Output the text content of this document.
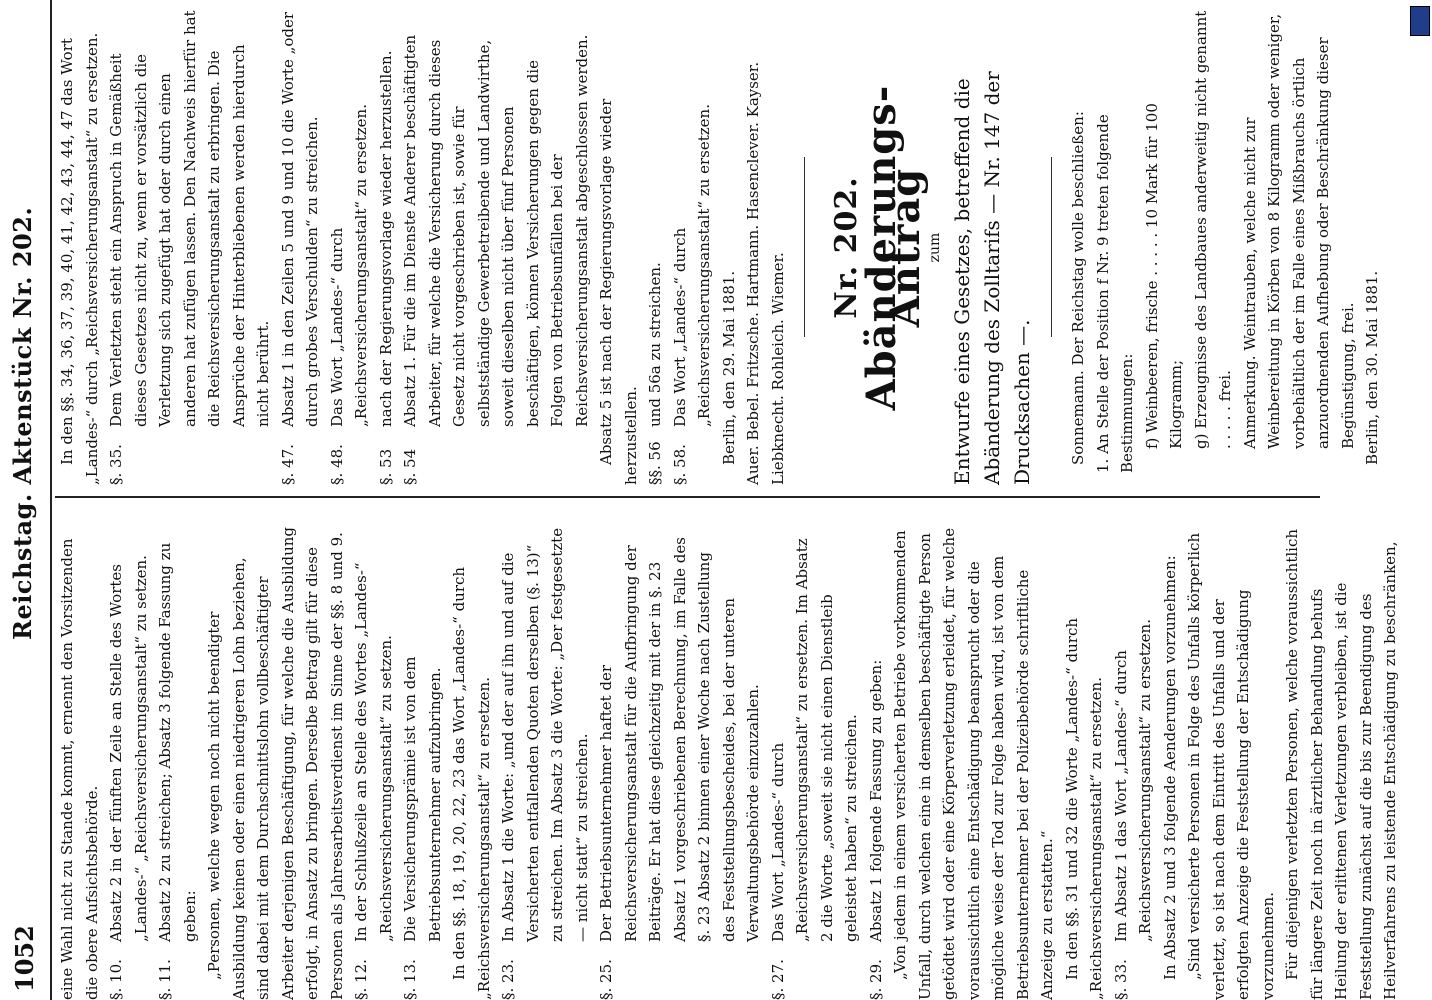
1052
Reichstag. Aktenstück Nr. 202.

eine Wahl nicht zu Stande kommt, ernennt den Vorsitzenden die obere Aufsichtsbehörde. §. 10.
Absatz 2 in der fünften Zeile an Stelle des Wortes „Landes-“ „Reichsversicherungsanstalt“ zu setzen.
§. 11.
Absatz 2 zu streichen; Absatz 3 folgende Fassung zu geben: „Personen, welche wegen noch nicht beendigter Ausbildung keinen oder einen niedrigeren Lohn beziehen, sind dabei mit dem Durchschnittslohn vollbeschäftigter Arbeiter derjenigen Beschäftigung, für welche die Ausbildung erfolgt, in Ansatz zu bringen. Derselbe Betrag gilt für diese Personen als Jahresarbeitsverdienst im Sinne der §§. 8 und 9. §. 12.
In der Schlußzeile an Stelle des Wortes „Landes-“ „Reichsversicherungsanstalt“ zu setzen.
§. 13.
Die Versicherungsprämie ist von dem Betriebsunternehmer aufzubringen. In den §§. 18, 19, 20, 22, 23 das Wort „Landes-“ durch „Reichsversicherungsanstalt“ zu ersetzen. §. 23.
In Absatz 1 die Worte: „und der auf ihn und auf die Versicherten entfallenden Quoten derselben (§. 13)“ zu streichen. Im Absatz 3 die Worte: „Der festgesetzte — nicht statt“ zu streichen.
§. 25.
Der Betriebsunternehmer haftet der Reichsversicherungsanstalt für die Aufbringung der Beiträge. Er hat diese gleichzeitig mit der in §. 23 Absatz 1 vorgeschriebenen Berechnung, im Falle des §. 23 Absatz 2 binnen einer Woche nach Zustellung des Feststellungsbescheides, bei der unteren Verwaltungsbehörde einzuzahlen.
§. 27.
Das Wort „Landes-“ durch „Reichsversicherungsanstalt“ zu ersetzen. Im Absatz 2 die Worte „soweit sie nicht einen Dienstleib geleistet haben“ zu streichen.
§. 29.
Absatz 1 folgende Fassung zu geben: „Von jedem in einem versicherten Betriebe vorkommenden Unfall, durch welchen eine in demselben beschäftigte Person getödtet wird oder eine Körperverletzung erleidet, für welche voraussichtlich eine Entschädigung beansprucht oder die mögliche weise der Tod zur Folge haben wird, ist von dem Betriebsunternehmer bei der Polizeibehörde schriftliche Anzeige zu erstatten.“ In den §§. 31 und 32 die Worte „Landes-“ durch „Reichsversicherungsanstalt“ zu ersetzen. §. 33.
Im Absatz 1 das Wort „Landes-“ durch „Reichsversicherungsanstalt“ zu ersetzen. In Absatz 2 und 3 folgende Aenderungen vorzunehmen: „Sind versicherte Personen in Folge des Unfalls körperlich verletzt, so ist nach dem Eintritt des Unfalls und der erfolgten Anzeige die Feststellung der Entschädigung vorzunehmen. Für diejenigen verletzten Personen, welche voraussichtlich für längere Zeit noch in ärztlicher Behandlung behufs Heilung der erlittenen Verletzungen verbleiben, ist die Feststellung zunächst auf die bis zur Beendigung des Heilverfahrens zu leistende Entschädigung zu beschränken,

In den §§. 34, 36, 37, 39, 40, 41, 42, 43, 44, 47 das Wort „Landes-“ durch „Reichsversicherungsanstalt“ zu ersetzen. §. 35.
Dem Verletzten steht ein Anspruch in Gemäßheit dieses Gesetzes nicht zu, wenn er vorsätzlich die Verletzung sich zugefügt hat oder durch einen anderen hat zufügen lassen. Den Nachweis hierfür hat die Reichsversicherungsanstalt zu erbringen. Die Ansprüche der Hinterbliebenen werden hierdurch nicht berührt.
§. 47.
Absatz 1 in den Zeilen 5 und 9 und 10 die Worte „oder durch grobes Verschulden“ zu streichen.
§. 48.
Das Wort „Landes-“ durch „Reichsversicherungsanstalt“ zu ersetzen.
§. 53
nach der Regierungsvorlage wieder herzustellen.
§. 54
Absatz 1. Für die im Dienste Anderer beschäftigten Arbeiter, für welche die Versicherung durch dieses Gesetz nicht vorgeschrieben ist, sowie für selbstständige Gewerbetreibende und Landwirthe, soweit dieselben nicht über fünf Personen beschäftigen, können Versicherungen gegen die Folgen von Betriebsunfällen bei der Reichsversicherungsanstalt abgeschlossen werden. Absatz 5 ist nach der Regierungsvorlage wieder herzustellen. §§. 56
und 56a zu streichen.
§. 58.
Das Wort „Landes-“ durch „Reichsversicherungsanstalt“ zu ersetzen. Berlin, den 29. Mai 1881. Auer. Bebel. Fritzsche. Hartmann. Hasenclever. Kayser. Liebknecht. Rohleich. Wiemer.

Nr. 202.
Abänderungs-Antrag
zum Entwurfe eines Gesetzes, betreffend die Abänderung des Zolltarifs — Nr. 147 der Drucksachen —. Sonnemann. Der Reichstag wolle beschließen: 1. An Stelle der Position f Nr. 9 treten folgende Bestimmungen: f) Weinbeeren, frische . . . . . 10 Mark für 100 Kilogramm; g) Erzeugnisse des Landbaues anderweitig nicht genannt . . . . . frei. Anmerkung. Weintrauben, welche nicht zur Weinbereitung in Körben von 8 Kilogramm oder weniger, vorbehältlich der im Falle eines Mißbrauchs örtlich anzuordnenden Aufhebung oder Beschränkung dieser Begünstigung, frei. Berlin, den 30. Mai 1881.
